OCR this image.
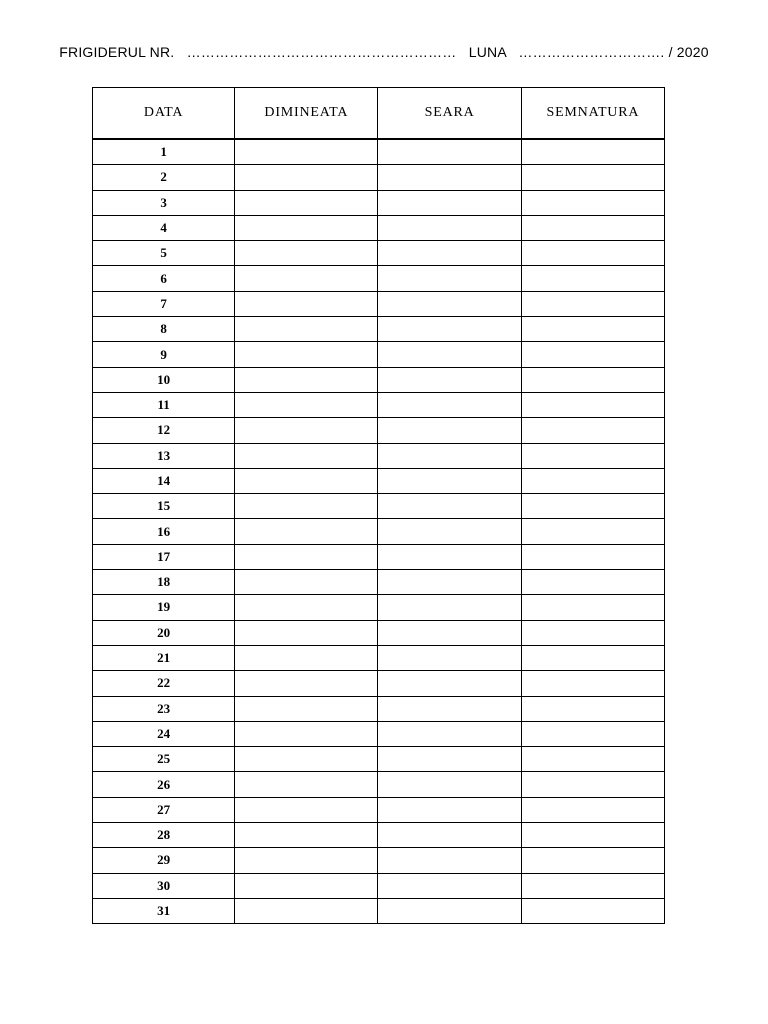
FRIGIDERUL NR. ………………………………………………… LUNA …………………………. / 2020
DATA	DIMINEATA	SEARA	SEMNATURA
1			
2			
3			
4			
5			
6			
7			
8			
9			
10			
11			
12			
13			
14			
15			
16			
17			
18			
19			
20			
21			
22			
23			
24			
25			
26			
27			
28			
29			
30			
31			
